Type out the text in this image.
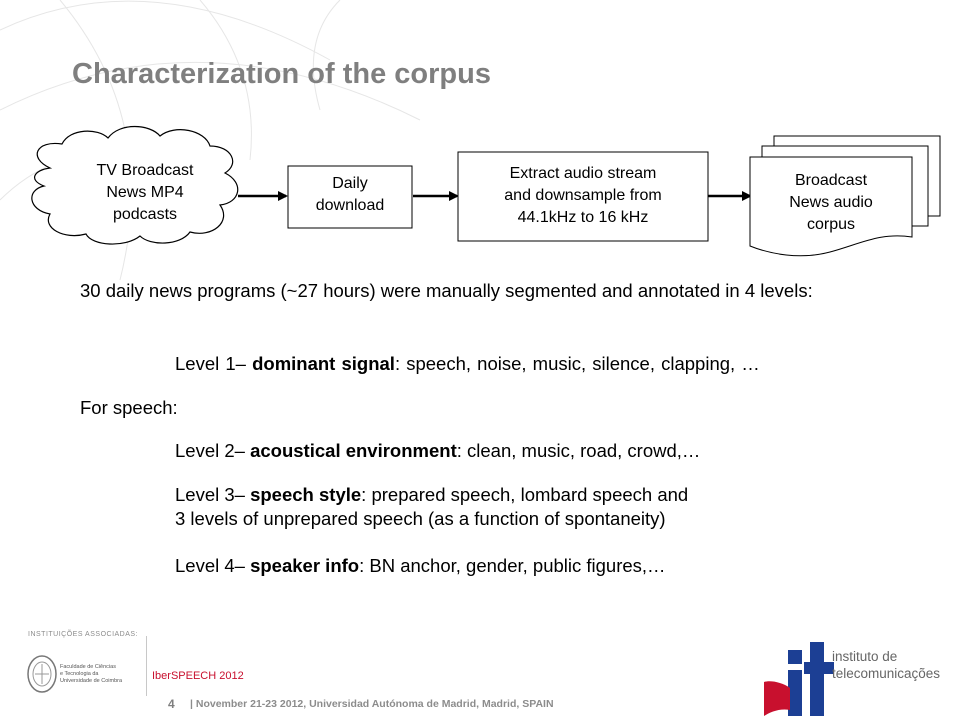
Characterization of the corpus
TV Broadcast
News MP4
podcasts
Daily
download
Extract audio stream
and downsample from
44.1kHz to 16 kHz
Broadcast
News audio
corpus
30 daily news programs (~27 hours) were manually segmented and annotated in 4 levels:
Level 1– dominant signal: speech, noise, music, silence, clapping, …
For speech:
Level 2– acoustical environment: clean, music, road, crowd,…
Level 3– speech style: prepared speech, lombard speech and
3 levels of unprepared speech (as a function of spontaneity)
Level 4– speaker info: BN anchor, gender, public figures,…
INSTITUIÇÕES ASSOCIADAS:
Faculdade de Ciências
e Tecnologia da
Universidade de Coimbra	IberSPEECH 2012
4 | November 21-23 2012, Universidad Autónoma de Madrid, Madrid, SPAIN
instituto de
telecomunicações
